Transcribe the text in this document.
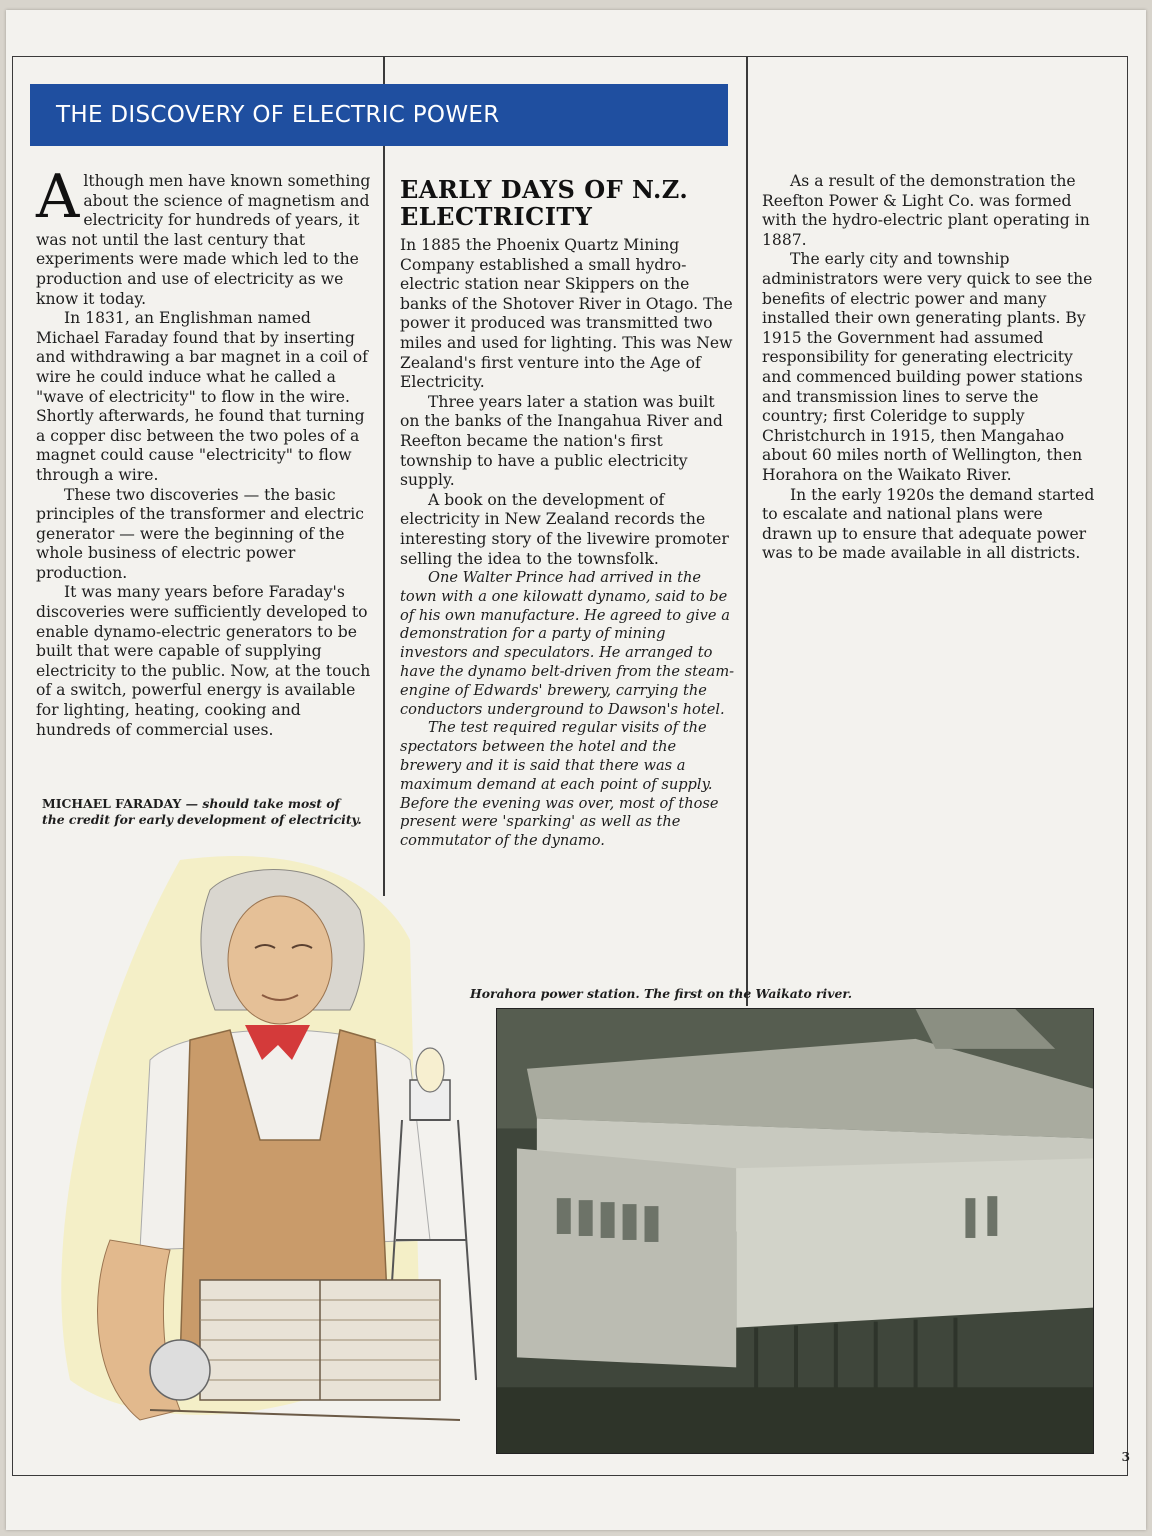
THE DISCOVERY OF ELECTRIC POWER

Although men have known something about the science of magnetism and electricity for hundreds of years, it was not until the last century that experiments were made which led to the production and use of electricity as we know it today.

In 1831, an Englishman named Michael Faraday found that by inserting and withdrawing a bar magnet in a coil of wire he could induce what he called a "wave of electricity" to flow in the wire. Shortly afterwards, he found that turning a copper disc between the two poles of a magnet could cause "electricity" to flow through a wire.

These two discoveries — the basic principles of the transformer and electric generator — were the beginning of the whole business of electric power production.

It was many years before Faraday's discoveries were sufficiently developed to enable dynamo-electric generators to be built that were capable of supplying electricity to the public. Now, at the touch of a switch, powerful energy is available for lighting, heating, cooking and hundreds of commercial uses.

MICHAEL FARADAY — should take most of the credit for early development of electricity.
EARLY DAYS OF N.Z. ELECTRICITY

In 1885 the Phoenix Quartz Mining Company established a small hydro-electric station near Skippers on the banks of the Shotover River in Otago. The power it produced was transmitted two miles and used for lighting. This was New Zealand's first venture into the Age of Electricity.

Three years later a station was built on the banks of the Inangahua River and Reefton became the nation's first township to have a public electricity supply.

A book on the development of electricity in New Zealand records the interesting story of the livewire promoter selling the idea to the townsfolk.

One Walter Prince had arrived in the town with a one kilowatt dynamo, said to be of his own manufacture. He agreed to give a demonstration for a party of mining investors and speculators. He arranged to have the dynamo belt-driven from the steam-engine of Edwards' brewery, carrying the conductors underground to Dawson's hotel.

The test required regular visits of the spectators between the hotel and the brewery and it is said that there was a maximum demand at each point of supply. Before the evening was over, most of those present were 'sparking' as well as the commutator of the dynamo.

As a result of the demonstration the Reefton Power & Light Co. was formed with the hydro-electric plant operating in 1887.

The early city and township administrators were very quick to see the benefits of electric power and many installed their own generating plants. By 1915 the Government had assumed responsibility for generating electricity and commenced building power stations and transmission lines to serve the country; first Coleridge to supply Christchurch in 1915, then Mangahao about 60 miles north of Wellington, then Horahora on the Waikato River.

In the early 1920s the demand started to escalate and national plans were drawn up to ensure that adequate power was to be made available in all districts.

Horahora power station. The first on the Waikato river.
3
